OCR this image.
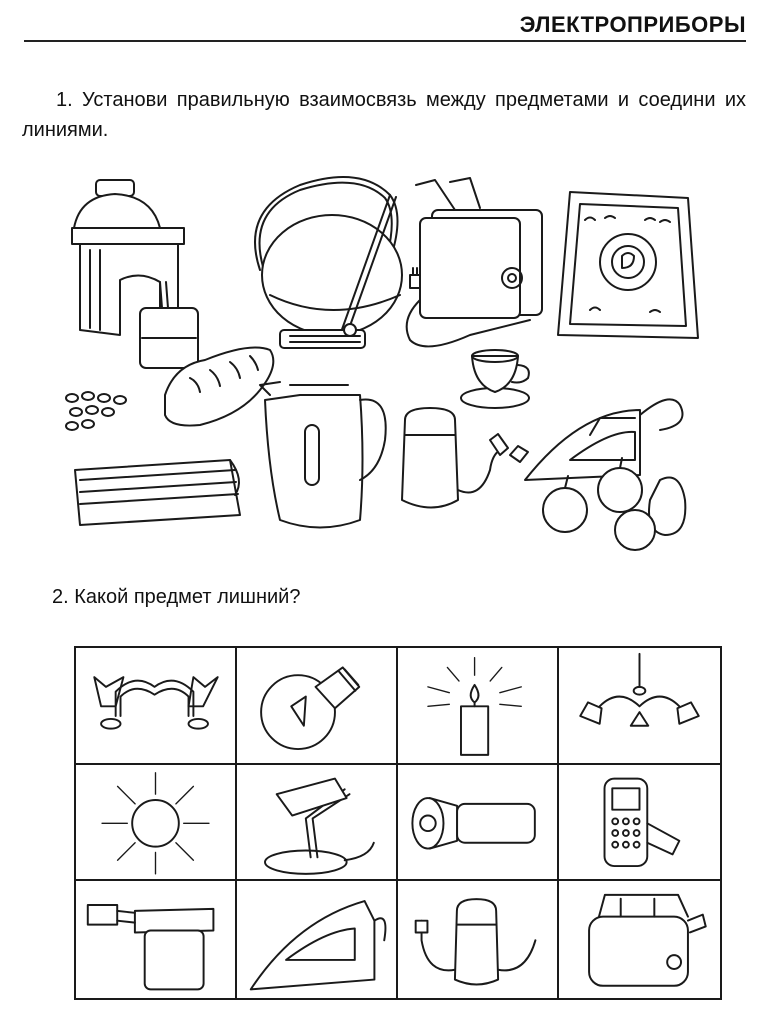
ЭЛЕКТРОПРИБОРЫ
1. Установи правильную взаимосвязь между предметами и соедини их линиями.
2. Какой предмет лишний?
